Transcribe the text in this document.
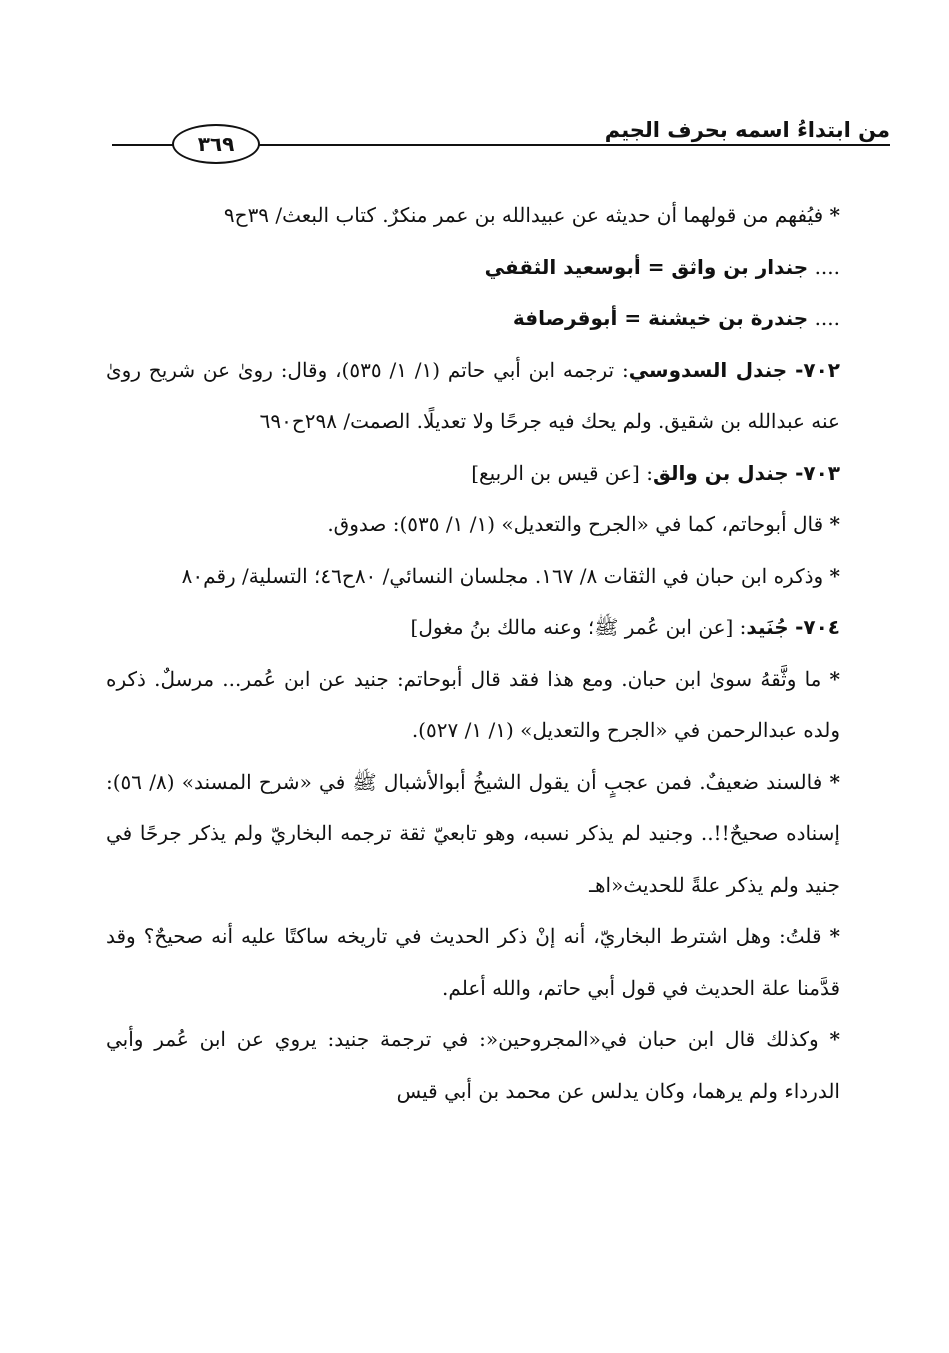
٣٦٩
من ابتداءُ اسمه بحرف الجيم

* فيُفهم من قولهما أن حديثه عن عبيدالله بن عمر منكرٌ. كتاب البعث/ ٣٩ح٩

.... جندار بن واثق = أبوسعيد الثقفي

.... جندرة بن خيشنة = أبوقرصافة

٧٠٢- جندل السدوسي: ترجمه ابن أبي حاتم (١/ ١/ ٥٣٥)، وقال: روىٰ عن شريح روىٰ عنه عبدالله بن شقيق. ولم يحك فيه جرحًا ولا تعديلًا. الصمت/ ٢٩٨ح٦٩٠

٧٠٣- جندل بن والق: [عن قيس بن الربيع]

* قال أبوحاتم، كما في «الجرح والتعديل» (١/ ١/ ٥٣٥): صدوق.

* وذكره ابن حبان في الثقات ٨/ ١٦٧. مجلسان النسائي/ ٨٠ح٤٦؛ التسلية/ رقم٨٠

٧٠٤- جُنَيد: [عن ابن عُمر ﷺ؛ وعنه مالك بنُ مغول]

* ما وثَّقهُ سوىٰ ابن حبان. ومع هذا فقد قال أبوحاتم: جنيد عن ابن عُمر... مرسلٌ. ذكره ولده عبدالرحمن في «الجرح والتعديل» (١/ ١/ ٥٢٧).

* فالسند ضعيفٌ. فمن عجبٍ أن يقول الشيخُ أبوالأشبال ﷺ في «شرح المسند» (٨/ ٥٦): إسناده صحيحٌ!!.. وجنيد لم يذكر نسبه، وهو تابعيّ ثقة ترجمه البخاريّ ولم يذكر جرحًا في جنيد ولم يذكر علةً للحديث«اهـ

* قلتُ: وهل اشترط البخاريّ، أنه إنْ ذكر الحديث في تاريخه ساكتًا عليه أنه صحيحٌ؟ وقد قدَّمنا علة الحديث في قول أبي حاتم، والله أعلم.

* وكذلك قال ابن حبان في«المجروحين«: في ترجمة جنيد: يروي عن ابن عُمر وأبي الدرداء ولم يرهما، وكان يدلس عن محمد بن أبي قيس
